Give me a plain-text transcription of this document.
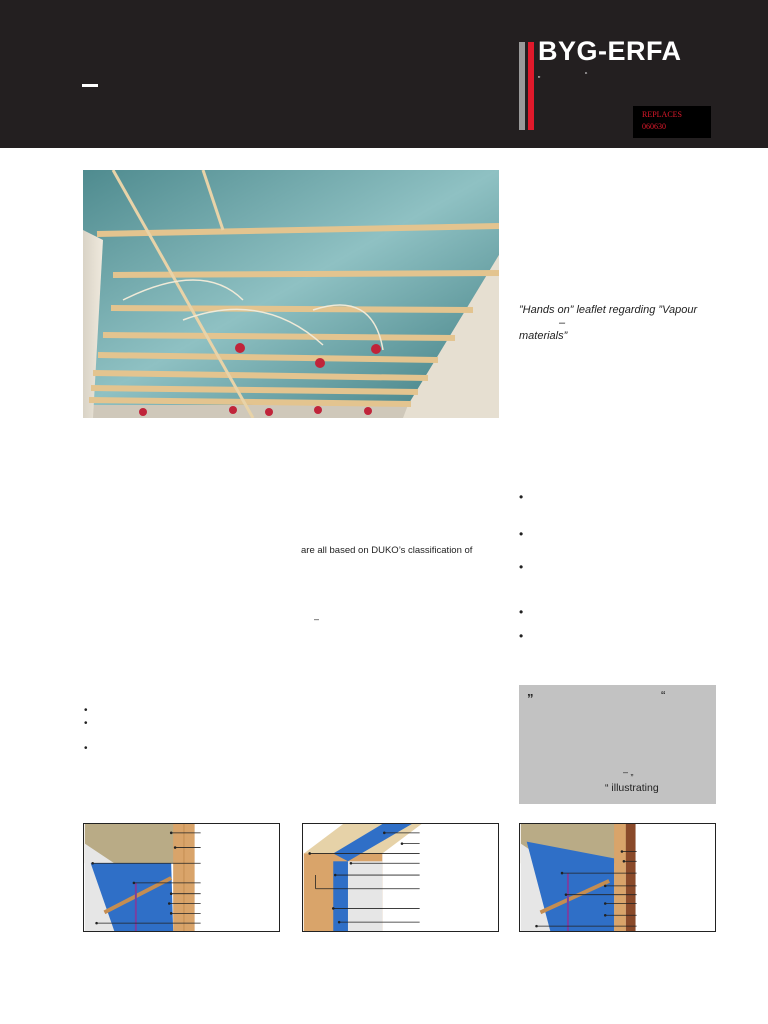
BYG-ERFA
„	“
REPLACES
060630
”Hands on” leaflet regarding ”Vapour
–
materials”
•
•
•
•
•
are all based on DUKO’s classification of
–
•
•
•
”	“
– „
“ illustrating
